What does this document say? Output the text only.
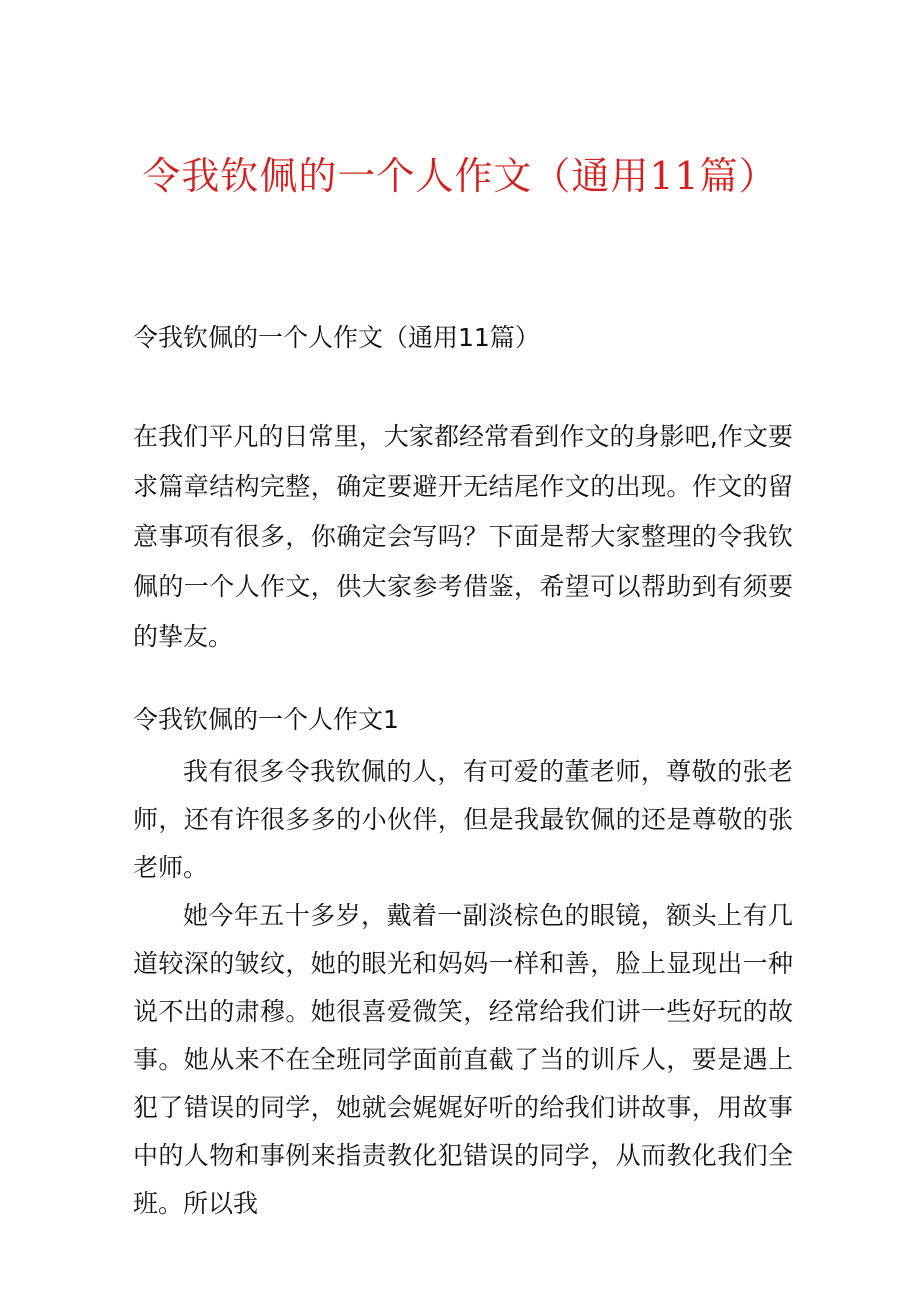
令我钦佩的一个人作文（通用11篇）
令我钦佩的一个人作文（通用11篇）
在我们平凡的日常里，大家都经常看到作文的身影吧,作文要求篇章结构完整，确定要避开无结尾作文的出现。作文的留意事项有很多，你确定会写吗？下面是帮大家整理的令我钦佩的一个人作文，供大家参考借鉴，希望可以帮助到有须要的挚友。
令我钦佩的一个人作文1

我有很多令我钦佩的人，有可爱的董老师，尊敬的张老师，还有许很多多的小伙伴，但是我最钦佩的还是尊敬的张老师。

她今年五十多岁，戴着一副淡棕色的眼镜，额头上有几道较深的皱纹，她的眼光和妈妈一样和善，脸上显现出一种说不出的肃穆。她很喜爱微笑，经常给我们讲一些好玩的故事。她从来不在全班同学面前直截了当的训斥人，要是遇上犯了错误的同学，她就会娓娓好听的给我们讲故事，用故事中的人物和事例来指责教化犯错误的同学，从而教化我们全班。所以我
